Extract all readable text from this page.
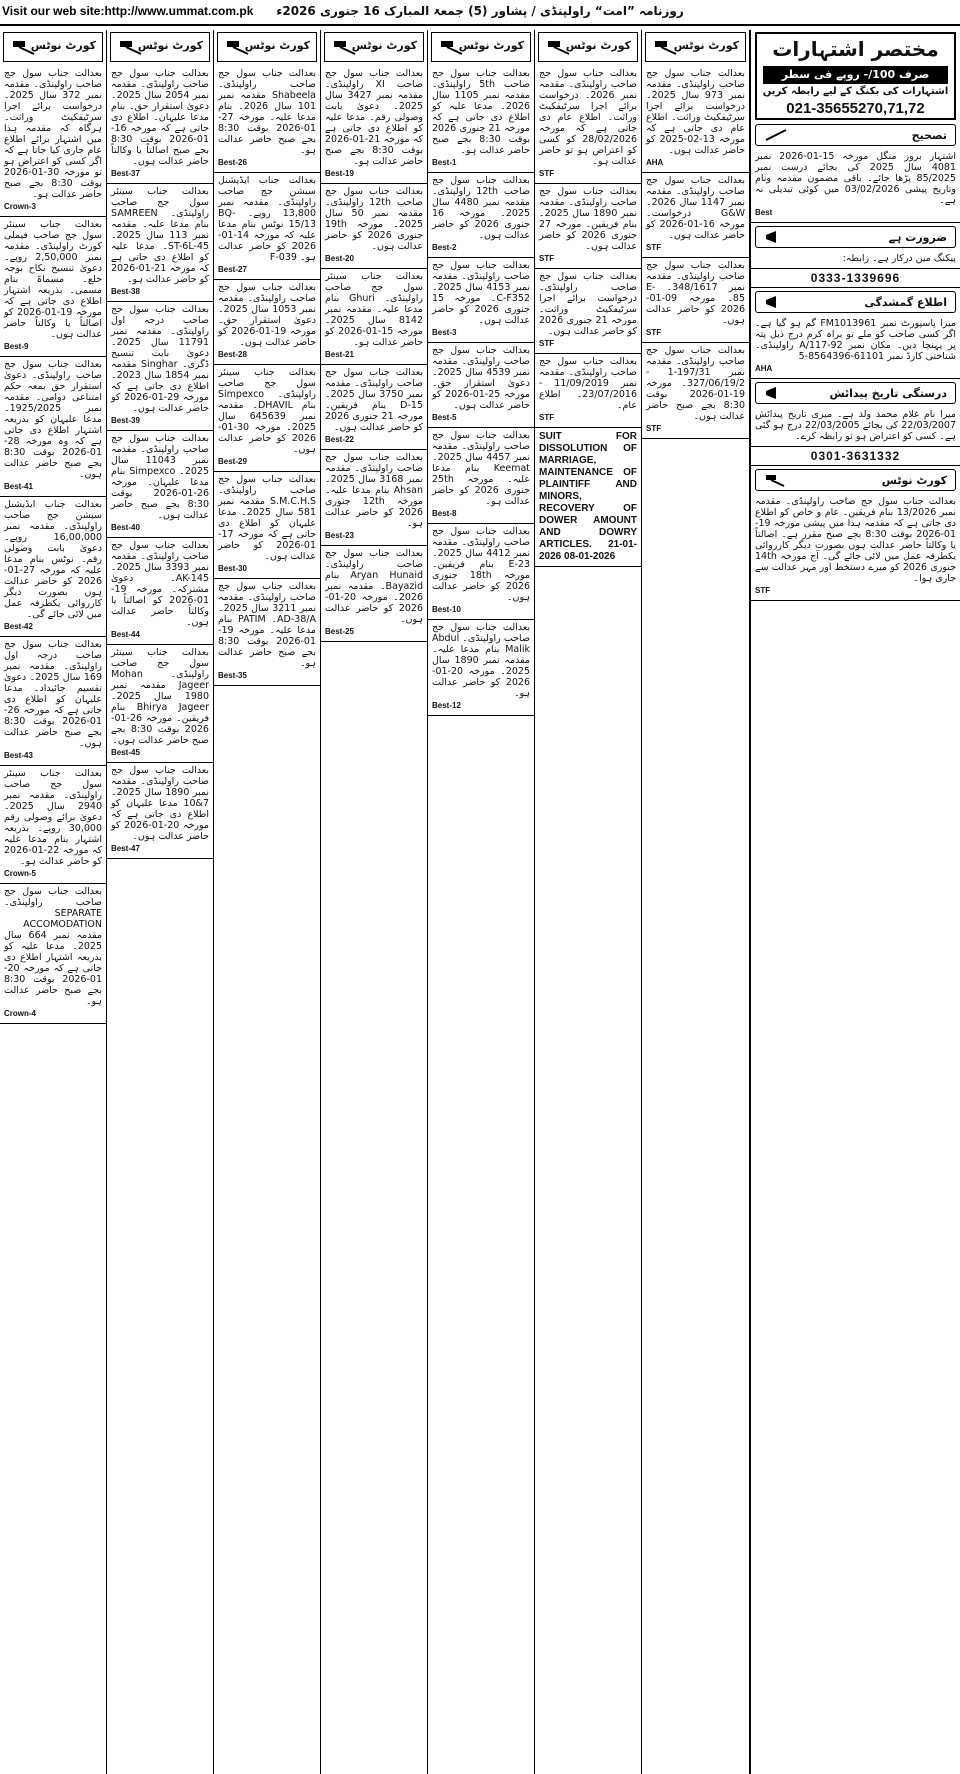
Visit our web site:http://www.ummat.com.pk	روزنامہ ”امت“ راولپنڈی / پشاور (5) جمعۃ المبارک 16 جنوری 2026ء
کورٹ نوٹس
بعدالت جناب سول جج صاحب راولپنڈی۔ مقدمہ نمبر 372 سال 2025۔ درخواست برائے اجرا سرٹیفکیٹ وراثت۔ ہرگاہ کہ مقدمہ ہذا میں اشتہار برائے اطلاع عام جاری کیا جاتا ہے کہ اگر کسی کو اعتراض ہو تو مورخہ 30-01-2026 بوقت 8:30 بجے صبح حاضر عدالت ہو۔
Crown-3
بعدالت جناب سینئر سول جج صاحب فیملی کورٹ راولپنڈی۔ مقدمہ نمبر 2,50,000 روپے۔ دعویٰ تنسیخ نکاح بوجہ خلع۔ مسماۃ بنام مسمی۔ بذریعہ اشتہار اطلاع دی جاتی ہے کہ مورخہ 19-01-2026 کو اصالتاً یا وکالتاً حاضر عدالت ہوں۔
Best-9
بعدالت جناب سول جج صاحب راولپنڈی۔ دعویٰ استقرار حق بمعہ حکم امتناعی دوامی۔ مقدمہ نمبر 1925/2025۔ مدعا علیہان کو بذریعہ اشتہار اطلاع دی جاتی ہے کہ وہ مورخہ 28-01-2026 بوقت 8:30 بجے صبح حاضر عدالت ہوں۔
Best-41
بعدالت جناب ایڈیشنل سیشن جج صاحب راولپنڈی۔ مقدمہ نمبر 16,00,000 روپے۔ دعویٰ بابت وصولی رقم۔ نوٹس بنام مدعا علیہ کہ مورخہ 27-01-2026 کو حاضر عدالت ہوں بصورت دیگر کارروائی یکطرفہ عمل میں لائی جائے گی۔
Best-42
بعدالت جناب سول جج صاحب درجہ اول راولپنڈی۔ مقدمہ نمبر 169 سال 2025۔ دعویٰ تقسیم جائیداد۔ مدعا علیہان کو اطلاع دی جاتی ہے کہ مورخہ 26-01-2026 بوقت 8:30 بجے صبح حاضر عدالت ہوں۔
Best-43
بعدالت جناب سینئر سول جج صاحب راولپنڈی۔ مقدمہ نمبر 2940 سال 2025۔ دعویٰ برائے وصولی رقم 30,000 روپے۔ بذریعہ اشتہار بنام مدعا علیہ کہ مورخہ 22-01-2026 کو حاضر عدالت ہو۔
Crown-5
بعدالت جناب سول جج صاحب راولپنڈی۔ SEPARATE ACCOMODATION مقدمہ نمبر 664 سال 2025۔ مدعا علیہ کو بذریعہ اشتہار اطلاع دی جاتی ہے کہ مورخہ 20-01-2026 بوقت 8:30 بجے صبح حاضر عدالت ہو۔
Crown-4
کورٹ نوٹس
بعدالت جناب سول جج صاحب راولپنڈی۔ مقدمہ نمبر 2054 سال 2025۔ دعویٰ استقرار حق۔ بنام مدعا علیہان۔ اطلاع دی جاتی ہے کہ مورخہ 16-01-2026 بوقت 8:30 بجے صبح اصالتاً یا وکالتاً حاضر عدالت ہوں۔
Best-37
بعدالت جناب سینئر سول جج صاحب راولپنڈی۔ SAMREEN بنام مدعا علیہ۔ مقدمہ نمبر 113 سال 2025۔ ST-6L-45۔ مدعا علیہ کو اطلاع دی جاتی ہے کہ مورخہ 21-01-2026 کو حاضر عدالت ہو۔
Best-38
بعدالت جناب سول جج صاحب درجہ اول راولپنڈی۔ مقدمہ نمبر 11791 سال 2025۔ دعویٰ بابت تنسیخ ڈگری۔ Singhar مقدمہ نمبر 1854 سال 2023۔ اطلاع دی جاتی ہے کہ مورخہ 29-01-2026 کو حاضر عدالت ہوں۔
Best-39
بعدالت جناب سول جج صاحب راولپنڈی۔ مقدمہ نمبر 11043 سال 2025۔ Simpexco بنام مدعا علیہان۔ مورخہ 26-01-2026 بوقت 8:30 بجے صبح حاضر عدالت ہوں۔
Best-40
بعدالت جناب سول جج صاحب راولپنڈی۔ مقدمہ نمبر 3393 سال 2025۔ AK-145۔ دعویٰ مشترکہ۔ مورخہ 19-01-2026 کو اصالتاً یا وکالتاً حاضر عدالت ہوں۔
Best-44
بعدالت جناب سینئر سول جج صاحب راولپنڈی۔ Mohan Jageer مقدمہ نمبر 1980 سال 2025۔ Bhirya Jageer بنام فریقین۔ مورخہ 26-01-2026 بوقت 8:30 بجے صبح حاضر عدالت ہوں۔
Best-45
بعدالت جناب سول جج صاحب راولپنڈی۔ مقدمہ نمبر 1890 سال 2025۔ 7&10 مدعا علیہان کو اطلاع دی جاتی ہے کہ مورخہ 20-01-2026 کو حاضر عدالت ہوں۔
Best-47
کورٹ نوٹس
بعدالت جناب سول جج صاحب راولپنڈی۔ Shabeela مقدمہ نمبر 101 سال 2026۔ بنام مدعا علیہ۔ مورخہ 27-01-2026 بوقت 8:30 بجے صبح حاضر عدالت ہو۔
Best-26
بعدالت جناب ایڈیشنل سیشن جج صاحب راولپنڈی۔ مقدمہ نمبر 13,800 روپے۔ BQ-15/13 نوٹس بنام مدعا علیہ کہ مورخہ 14-01-2026 کو حاضر عدالت ہو۔ F-039
Best-27
بعدالت جناب سول جج صاحب راولپنڈی۔ مقدمہ نمبر 1053 سال 2025۔ دعویٰ استقرار حق۔ مورخہ 19-01-2026 کو حاضر عدالت ہوں۔
Best-28
بعدالت جناب سینئر سول جج صاحب راولپنڈی۔ Simpexco بنام DHAVIL۔ مقدمہ نمبر 645639 سال 2025۔ مورخہ 30-01-2026 کو حاضر عدالت ہوں۔
Best-29
بعدالت جناب سول جج صاحب راولپنڈی۔ S.M.C.H.S مقدمہ نمبر 581 سال 2025۔ مدعا علیہان کو اطلاع دی جاتی ہے کہ مورخہ 17-01-2026 کو حاضر عدالت ہوں۔
Best-30
بعدالت جناب سول جج صاحب راولپنڈی۔ مقدمہ نمبر 3211 سال 2025۔ AD-38/A۔ PATIM بنام مدعا علیہ۔ مورخہ 19-01-2026 بوقت 8:30 بجے صبح حاضر عدالت ہو۔
Best-35
کورٹ نوٹس
بعدالت جناب سول جج صاحب XI راولپنڈی۔ مقدمہ نمبر 3427 سال 2025۔ دعویٰ بابت وصولی رقم۔ مدعا علیہ کو اطلاع دی جاتی ہے کہ مورخہ 21-01-2026 بوقت 8:30 بجے صبح حاضر عدالت ہو۔
Best-19
بعدالت جناب سول جج صاحب 12th راولپنڈی۔ مقدمہ نمبر 50 سال 2025۔ مورخہ 19th جنوری 2026 کو حاضر عدالت ہوں۔
Best-20
بعدالت جناب سینئر سول جج صاحب راولپنڈی۔ Ghuri بنام مدعا علیہ۔ مقدمہ نمبر 8142 سال 2025۔ مورخہ 15-01-2026 کو حاضر عدالت ہو۔
Best-21
بعدالت جناب سول جج صاحب راولپنڈی۔ مقدمہ نمبر 3750 سال 2025۔ D-15 بنام فریقین۔ مورخہ 21 جنوری 2026 کو حاضر عدالت ہوں۔
Best-22
بعدالت جناب سول جج صاحب راولپنڈی۔ مقدمہ نمبر 3168 سال 2025۔ Ahsan بنام مدعا علیہ۔ مورخہ 12th جنوری 2026 کو حاضر عدالت ہو۔
Best-23
بعدالت جناب سول جج صاحب راولپنڈی۔ Aryan Hunaid بنام Bayazid۔ مقدمہ نمبر 2026۔ مورخہ 20-01-2026 کو حاضر عدالت ہوں۔
Best-25
کورٹ نوٹس
بعدالت جناب سول جج صاحب 5th راولپنڈی۔ مقدمہ نمبر 1105 سال 2026۔ مدعا علیہ کو اطلاع دی جاتی ہے کہ مورخہ 21 جنوری 2026 بوقت 8:30 بجے صبح حاضر عدالت ہو۔
Best-1
بعدالت جناب سول جج صاحب 12th راولپنڈی۔ مقدمہ نمبر 4480 سال 2025۔ مورخہ 16 جنوری 2026 کو حاضر عدالت ہوں۔
Best-2
بعدالت جناب سول جج صاحب راولپنڈی۔ مقدمہ نمبر 4153 سال 2025۔ C-F352۔ مورخہ 15 جنوری 2026 کو حاضر عدالت ہوں۔
Best-3
بعدالت جناب سول جج صاحب راولپنڈی۔ مقدمہ نمبر 4539 سال 2025۔ دعویٰ استقرار حق۔ مورخہ 25-01-2026 کو حاضر عدالت ہوں۔
Best-5
بعدالت جناب سول جج صاحب راولپنڈی۔ مقدمہ نمبر 4457 سال 2025۔ Keemat بنام مدعا علیہ۔ مورخہ 25th جنوری 2026 کو حاضر عدالت ہو۔
Best-8
بعدالت جناب سول جج صاحب راولپنڈی۔ مقدمہ نمبر 4412 سال 2025۔ E-23 بنام فریقین۔ مورخہ 18th جنوری 2026 کو حاضر عدالت ہوں۔
Best-10
بعدالت جناب سول جج صاحب راولپنڈی۔ Abdul Malik بنام مدعا علیہ۔ مقدمہ نمبر 1890 سال 2025۔ مورخہ 20-01-2026 کو حاضر عدالت ہو۔
Best-12
کورٹ نوٹس
بعدالت جناب سول جج صاحب راولپنڈی۔ مقدمہ نمبر 2026۔ درخواست برائے اجرا سرٹیفکیٹ وراثت۔ اطلاع عام دی جاتی ہے کہ مورخہ 28/02/2026 کو کسی کو اعتراض ہو تو حاضر عدالت ہو۔
STF
بعدالت جناب سول جج صاحب راولپنڈی۔ مقدمہ نمبر 1890 سال 2025۔ بنام فریقین۔ مورخہ 27 جنوری 2026 کو حاضر عدالت ہوں۔
STF
بعدالت جناب سول جج صاحب راولپنڈی۔ درخواست برائے اجرا سرٹیفکیٹ وراثت۔ مورخہ 21 جنوری 2026 کو حاضر عدالت ہوں۔
STF
بعدالت جناب سول جج صاحب راولپنڈی۔ مقدمہ نمبر 11/09/2019 - 23/07/2016۔ اطلاع عام۔
STF
SUIT FOR DISSOLUTION OF MARRIAGE, MAINTENANCE OF PLAINTIFF AND MINORS, RECOVERY OF DOWER AMOUNT AND DOWRY ARTICLES. 21-01-2026 08-01-2026
کورٹ نوٹس
بعدالت جناب سول جج صاحب راولپنڈی۔ مقدمہ نمبر 973 سال 2025۔ درخواست برائے اجرا سرٹیفکیٹ وراثت۔ اطلاع عام دی جاتی ہے کہ مورخہ 13-02-2025 کو حاضر عدالت ہوں۔
AHA
بعدالت جناب سول جج صاحب راولپنڈی۔ مقدمہ نمبر 1147 سال 2026۔ G&W درخواست۔ مورخہ 16-01-2026 کو حاضر عدالت ہوں۔
STF
بعدالت جناب سول جج صاحب راولپنڈی۔ مقدمہ نمبر 348/1617۔ E-85۔ مورخہ 09-01-2026 کو حاضر عدالت ہوں۔
STF
بعدالت جناب سول جج صاحب راولپنڈی۔ مقدمہ نمبر 197/31-1 - 327/06/19/2۔ مورخہ 19-01-2026 بوقت 8:30 بجے صبح حاضر عدالت ہوں۔
STF
مختصر اشتہارات
صرف 100/- روپے فی سطر
اشتہارات کی بکنگ کے لیے رابطہ کریں
021-35655270,71,72
تصحیح
اشتہار بروز منگل مورخہ 15-01-2026 نمبر 4081 سال 2025 کی بجائے درست نمبر 85/2025 پڑھا جائے۔ باقی مضمون مقدمہ ونام وتاریخ پیشی 03/02/2026 میں کوئی تبدیلی نہ ہے۔
Best
ضرورت ہے
پیکنگ مین درکار ہے۔ رابطہ:
0333-1339696
اطلاع گمشدگی
میرا پاسپورٹ نمبر FM1013961 گم ہو گیا ہے۔ اگر کسی صاحب کو ملے تو براہ کرم درج ذیل پتہ پر پہنچا دیں۔ مکان نمبر A/117-92 راولپنڈی۔ شناختی کارڈ نمبر 61101-8564396-5
AHA
درستگی تاریخ پیدائش
میرا نام غلام محمد ولد ہے۔ میری تاریخ پیدائش 22/03/2007 کی بجائے 22/03/2005 درج ہو گئی ہے۔ کسی کو اعتراض ہو تو رابطہ کرے۔
0301-3631332
کورٹ نوٹس
بعدالت جناب سول جج صاحب راولپنڈی۔ مقدمہ نمبر 13/2026 بنام فریقین۔ عام و خاص کو اطلاع دی جاتی ہے کہ مقدمہ ہذا میں پیشی مورخہ 19-01-2026 بوقت 8:30 بجے صبح مقرر ہے۔ اصالتاً یا وکالتاً حاضر عدالت ہوں بصورت دیگر کارروائی یکطرفہ عمل میں لائی جائے گی۔ آج مورخہ 14th جنوری 2026 کو میرے دستخط اور مہر عدالت سے جاری ہوا۔
STF
